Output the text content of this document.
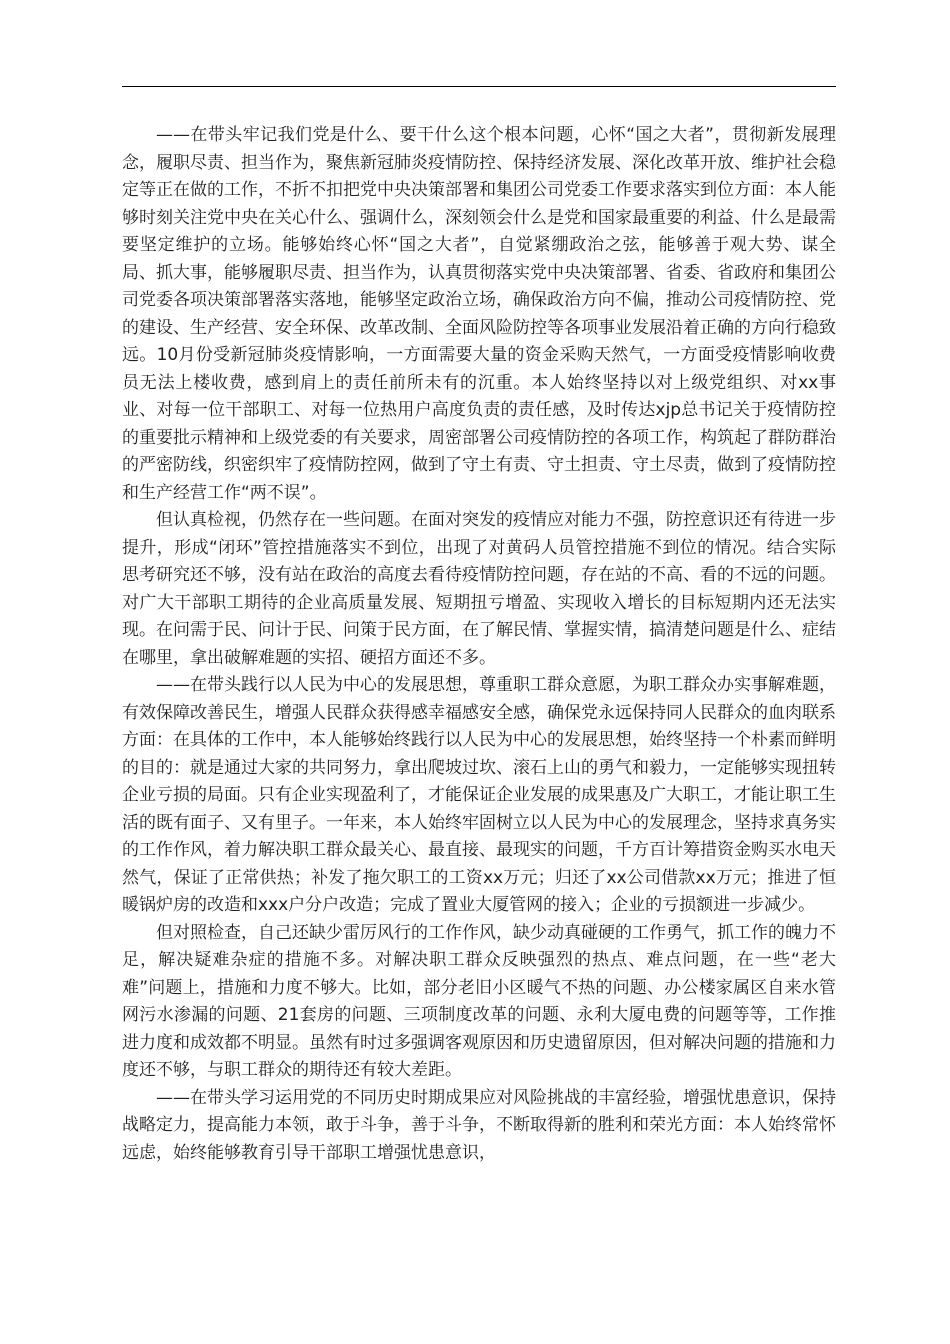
——在带头牢记我们党是什么、要干什么这个根本问题，心怀“国之大者”，贯彻新发展理念，履职尽责、担当作为，聚焦新冠肺炎疫情防控、保持经济发展、深化改革开放、维护社会稳定等正在做的工作，不折不扣把党中央决策部署和集团公司党委工作要求落实到位方面：本人能够时刻关注党中央在关心什么、强调什么，深刻领会什么是党和国家最重要的利益、什么是最需要坚定维护的立场。能够始终心怀“国之大者”，自觉紧绷政治之弦，能够善于观大势、谋全局、抓大事，能够履职尽责、担当作为，认真贯彻落实党中央决策部署、省委、省政府和集团公司党委各项决策部署落实落地，能够坚定政治立场，确保政治方向不偏，推动公司疫情防控、党的建设、生产经营、安全环保、改革改制、全面风险防控等各项事业发展沿着正确的方向行稳致远。10月份受新冠肺炎疫情影响，一方面需要大量的资金采购天然气，一方面受疫情影响收费员无法上楼收费，感到肩上的责任前所未有的沉重。本人始终坚持以对上级党组织、对xx事业、对每一位干部职工、对每一位热用户高度负责的责任感，及时传达xjp总书记关于疫情防控的重要批示精神和上级党委的有关要求，周密部署公司疫情防控的各项工作，构筑起了群防群治的严密防线，织密织牢了疫情防控网，做到了守土有责、守土担责、守土尽责，做到了疫情防控和生产经营工作“两不误”。

但认真检视，仍然存在一些问题。在面对突发的疫情应对能力不强，防控意识还有待进一步提升，形成“闭环”管控措施落实不到位，出现了对黄码人员管控措施不到位的情况。结合实际思考研究还不够，没有站在政治的高度去看待疫情防控问题，存在站的不高、看的不远的问题。对广大干部职工期待的企业高质量发展、短期扭亏增盈、实现收入增长的目标短期内还无法实现。在问需于民、问计于民、问策于民方面，在了解民情、掌握实情，搞清楚问题是什么、症结在哪里，拿出破解难题的实招、硬招方面还不多。

——在带头践行以人民为中心的发展思想，尊重职工群众意愿，为职工群众办实事解难题，有效保障改善民生，增强人民群众获得感幸福感安全感，确保党永远保持同人民群众的血肉联系方面：在具体的工作中，本人能够始终践行以人民为中心的发展思想，始终坚持一个朴素而鲜明的目的：就是通过大家的共同努力，拿出爬坡过坎、滚石上山的勇气和毅力，一定能够实现扭转企业亏损的局面。只有企业实现盈利了，才能保证企业发展的成果惠及广大职工，才能让职工生活的既有面子、又有里子。一年来，本人始终牢固树立以人民为中心的发展理念，坚持求真务实的工作作风，着力解决职工群众最关心、最直接、最现实的问题，千方百计筹措资金购买水电天然气，保证了正常供热；补发了拖欠职工的工资xx万元；归还了xx公司借款xx万元；推进了恒暖锅炉房的改造和xxx户分户改造；完成了置业大厦管网的接入；企业的亏损额进一步减少。

但对照检查，自己还缺少雷厉风行的工作作风，缺少动真碰硬的工作勇气，抓工作的魄力不足，解决疑难杂症的措施不多。对解决职工群众反映强烈的热点、难点问题，在一些“老大难”问题上，措施和力度不够大。比如，部分老旧小区暖气不热的问题、办公楼家属区自来水管网污水渗漏的问题、21套房的问题、三项制度改革的问题、永利大厦电费的问题等等，工作推进力度和成效都不明显。虽然有时过多强调客观原因和历史遗留原因，但对解决问题的措施和力度还不够，与职工群众的期待还有较大差距。

——在带头学习运用党的不同历史时期成果应对风险挑战的丰富经验，增强忧患意识，保持战略定力，提高能力本领，敢于斗争，善于斗争，不断取得新的胜利和荣光方面：本人始终常怀远虑，始终能够教育引导干部职工增强忧患意识，
